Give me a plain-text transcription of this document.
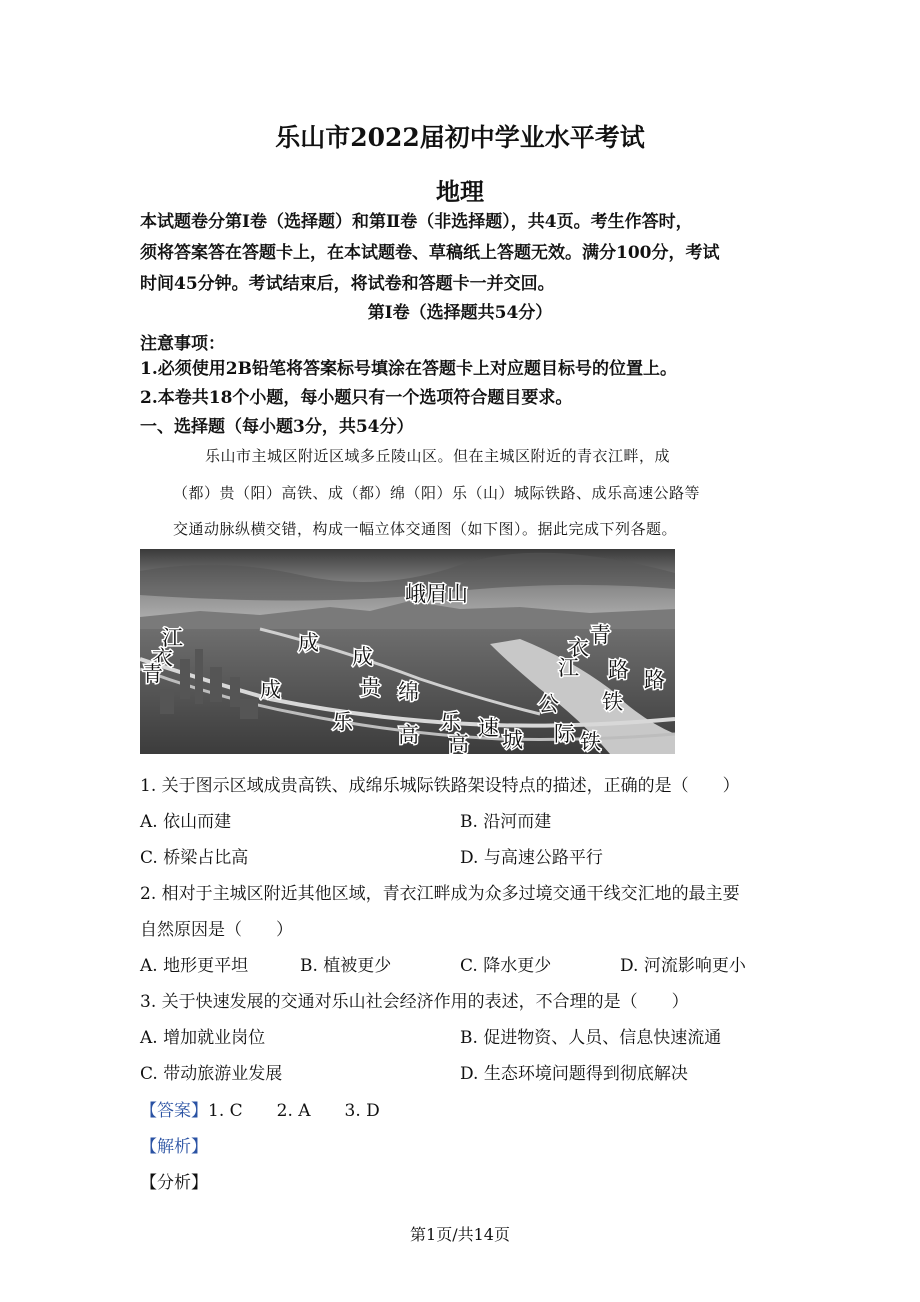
乐山市2022届初中学业水平考试
地理
本试题卷分第Ⅰ卷（选择题）和第Ⅱ卷（非选择题），共4页。考生作答时，
须将答案答在答题卡上，在本试题卷、草稿纸上答题无效。满分100分，考试
时间45分钟。考试结束后，将试卷和答题卡一并交回。
第Ⅰ卷（选择题共54分）
注意事项：
1.必须使用2B铅笔将答案标号填涂在答题卡上对应题目标号的位置上。
2.本卷共18个小题，每小题只有一个选项符合题目要求。
一、选择题（每小题3分，共54分）
乐山市主城区附近区域多丘陵山区。但在主城区附近的青衣江畔，成
（都）贵（阳）高铁、成（都）绵（阳）乐（山）城际铁路、成乐高速公路等
交通动脉纵横交错，构成一幅立体交通图（如下图）。据此完成下列各题。
峨眉山
江
衣
青
成
成
贵
成	绵
乐
高
乐
高
速 城
公
际 铁
青
衣
江 路
铁
路
1. 关于图示区域成贵高铁、成绵乐城际铁路架设特点的描述，正确的是（　　）
A. 依山而建	B. 沿河而建
C. 桥梁占比高	D. 与高速公路平行
2. 相对于主城区附近其他区域，青衣江畔成为众多过境交通干线交汇地的最主要
自然原因是（　　）
A. 地形更平坦	B. 植被更少	C. 降水更少	D. 河流影响更小
3. 关于快速发展的交通对乐山社会经济作用的表述，不合理的是（　　）
A. 增加就业岗位	B. 促进物资、人员、信息快速流通
C. 带动旅游业发展	D. 生态环境问题得到彻底解决
【答案】1. C 2. A 3. D
【解析】
【分析】
第1页/共14页
